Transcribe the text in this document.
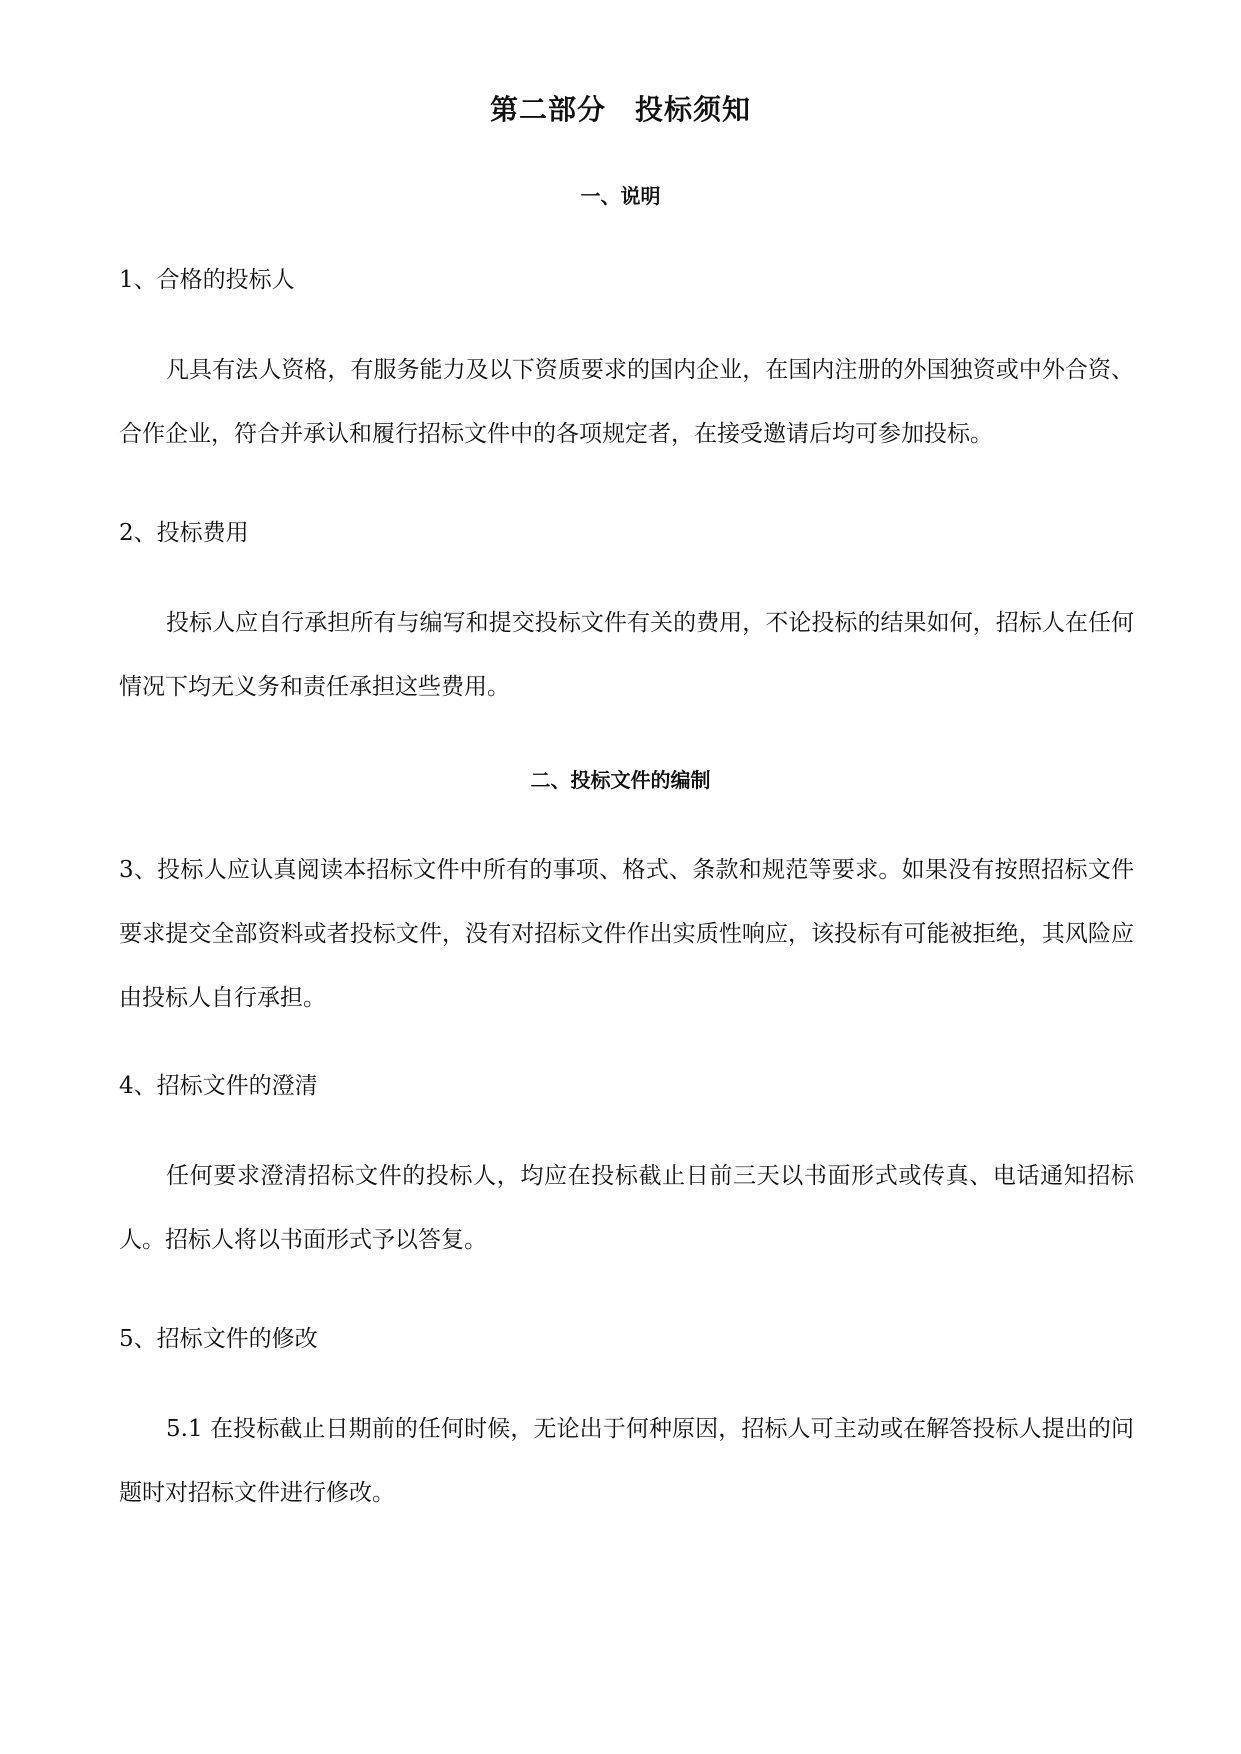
第二部分　投标须知
一、说明
1、合格的投标人

凡具有法人资格，有服务能力及以下资质要求的国内企业，在国内注册的外国独资或中外合资、合作企业，符合并承认和履行招标文件中的各项规定者，在接受邀请后均可参加投标。

2、投标费用

投标人应自行承担所有与编写和提交投标文件有关的费用，不论投标的结果如何，招标人在任何情况下均无义务和责任承担这些费用。

二、投标文件的编制

3、投标人应认真阅读本招标文件中所有的事项、格式、条款和规范等要求。如果没有按照招标文件要求提交全部资料或者投标文件，没有对招标文件作出实质性响应，该投标有可能被拒绝，其风险应由投标人自行承担。

4、招标文件的澄清

任何要求澄清招标文件的投标人，均应在投标截止日前三天以书面形式或传真、电话通知招标人。招标人将以书面形式予以答复。

5、招标文件的修改

5.1 在投标截止日期前的任何时候，无论出于何种原因，招标人可主动或在解答投标人提出的问题时对招标文件进行修改。
